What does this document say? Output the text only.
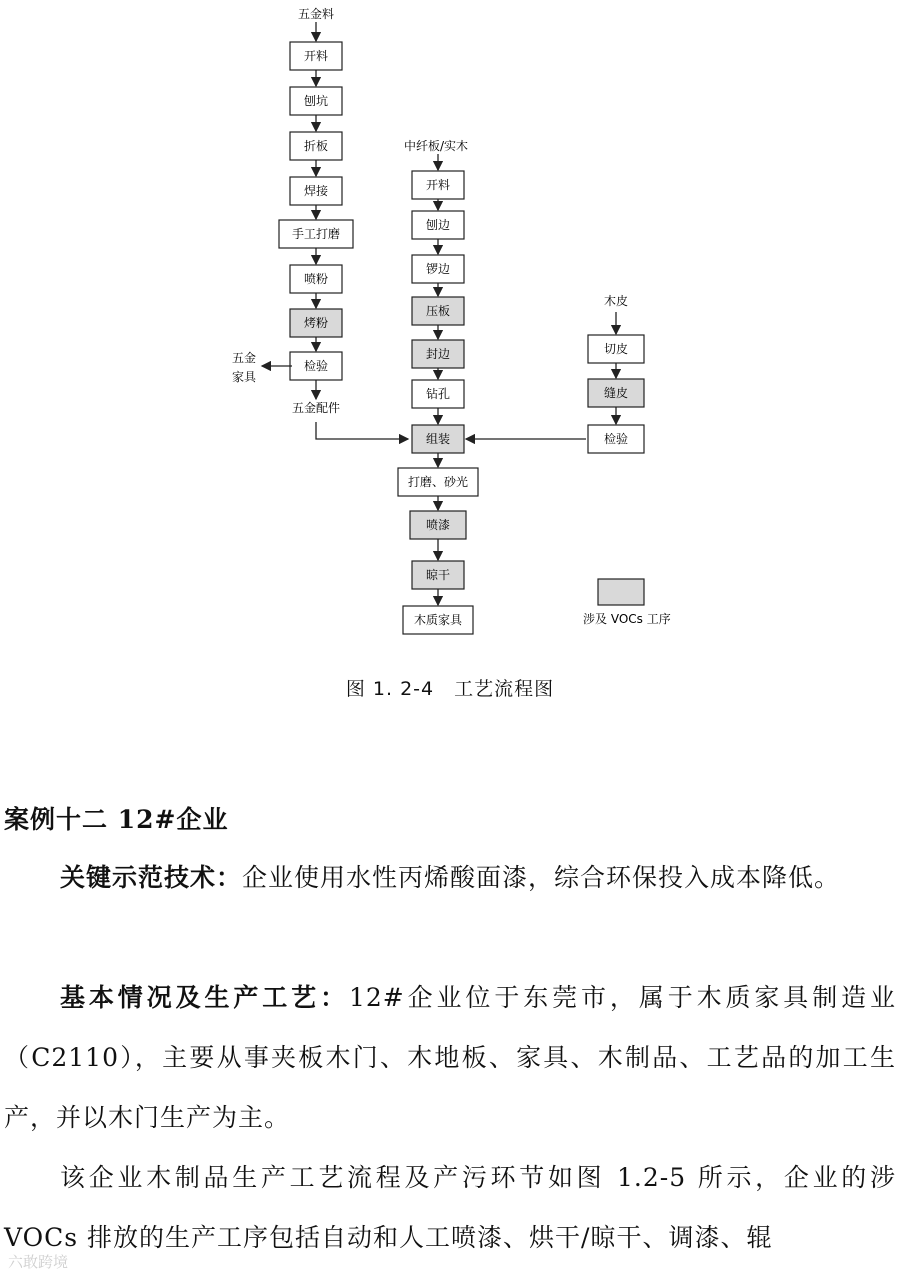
五金料
开料
刨坑
折板
焊接
手工打磨
喷粉
烤粉
检验
中纤板/实木
开料
刨边
锣边
压板
封边
钻孔
木皮
切皮
缝皮
检验
组装
打磨、砂光
喷漆
晾干
木质家具
五金
家具
五金配件
涉及 VOCs 工序
图 1. 2-4　工艺流程图
案例十二 12#企业
关键示范技术：企业使用水性丙烯酸面漆，综合环保投入成本降低。
基本情况及生产工艺：12#企业位于东莞市，属于木质家具制造业（C2110），主要从事夹板木门、木地板、家具、木制品、工艺品的加工生产，并以木门生产为主。
该企业木制品生产工艺流程及产污环节如图 1.2-5 所示，企业的涉 VOCs 排放的生产工序包括自动和人工喷漆、烘干/晾干、调漆、辊
六敢跨境
